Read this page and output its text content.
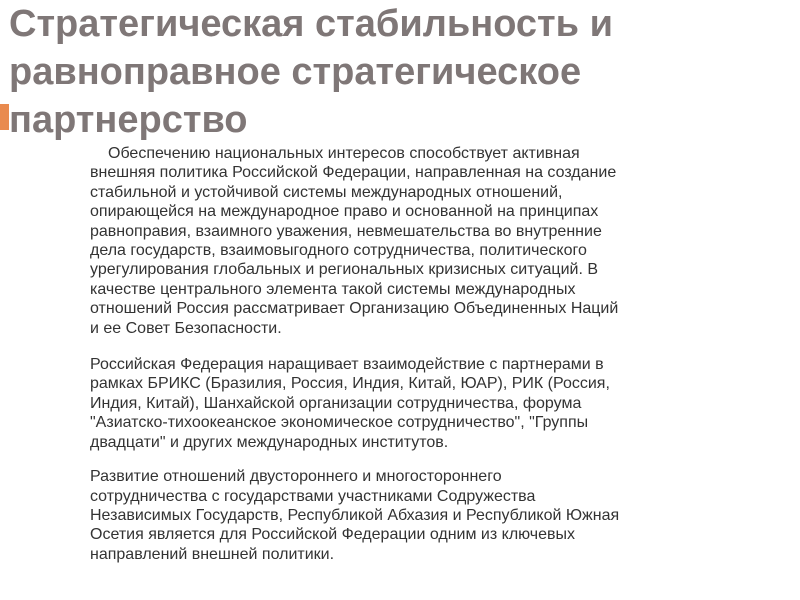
Стратегическая стабильность и
равноправное стратегическое
партнерство

Обеспечению национальных интересов способствует активная
внешняя политика Российской Федерации, направленная на создание
стабильной и устойчивой системы международных отношений,
опирающейся на международное право и основанной на принципах
равноправия, взаимного уважения, невмешательства во внутренние
дела государств, взаимовыгодного сотрудничества, политического
урегулирования глобальных и региональных кризисных ситуаций. В
качестве центрального элемента такой системы международных
отношений Россия рассматривает Организацию Объединенных Наций
и ее Совет Безопасности.

Российская Федерация наращивает взаимодействие с партнерами в
рамках БРИКС (Бразилия, Россия, Индия, Китай, ЮАР), РИК (Россия,
Индия, Китай), Шанхайской организации сотрудничества, форума
"Азиатско-тихоокеанское экономическое сотрудничество", "Группы
двадцати" и других международных институтов.

Развитие отношений двустороннего и многостороннего
сотрудничества с государствами участниками Содружества
Независимых Государств, Республикой Абхазия и Республикой Южная
Осетия является для Российской Федерации одним из ключевых
направлений внешней политики.
